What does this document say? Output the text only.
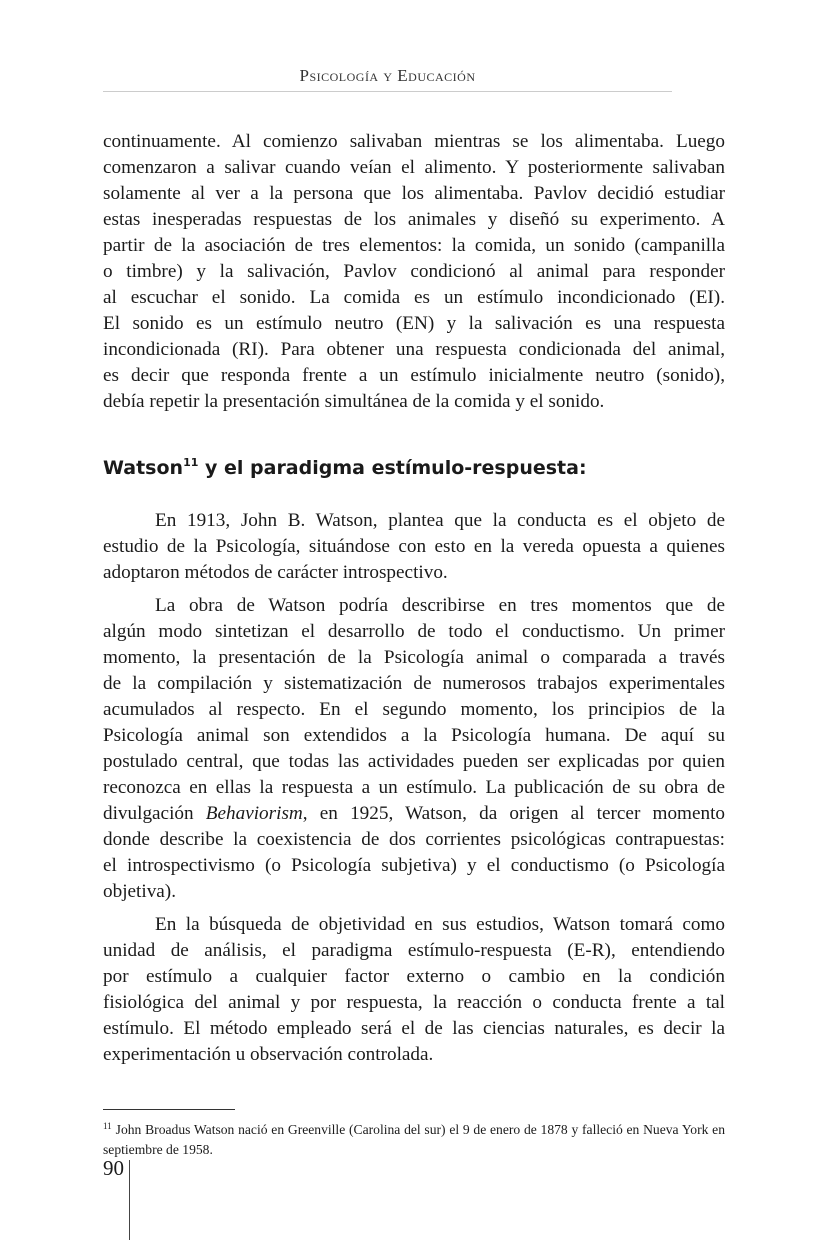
Psicología y Educación
continuamente. Al comienzo salivaban mientras se los alimentaba. Luego
comenzaron a salivar cuando veían el alimento. Y posteriormente salivaban
solamente al ver a la persona que los alimentaba. Pavlov decidió estudiar
estas inesperadas respuestas de los animales y diseñó su experimento. A
partir de la asociación de tres elementos: la comida, un sonido (campanilla
o timbre) y la salivación, Pavlov condicionó al animal para responder
al escuchar el sonido. La comida es un estímulo incondicionado (EI).
El sonido es un estímulo neutro (EN) y la salivación es una respuesta
incondicionada (RI). Para obtener una respuesta condicionada del animal,
es decir que responda frente a un estímulo inicialmente neutro (sonido),
debía repetir la presentación simultánea de la comida y el sonido.
Watson$^{11}$ y el paradigma estímulo-respuesta:
En 1913, John B. Watson, plantea que la conducta es el objeto de
estudio de la Psicología, situándose con esto en la vereda opuesta a quienes
adoptaron métodos de carácter introspectivo.
La obra de Watson podría describirse en tres momentos que de
algún modo sintetizan el desarrollo de todo el conductismo. Un primer
momento, la presentación de la Psicología animal o comparada a través
de la compilación y sistematización de numerosos trabajos experimentales
acumulados al respecto. En el segundo momento, los principios de la
Psicología animal son extendidos a la Psicología humana. De aquí su
postulado central, que todas las actividades pueden ser explicadas por quien
reconozca en ellas la respuesta a un estímulo. La publicación de su obra de
divulgación Behaviorism, en 1925, Watson, da origen al tercer momento
donde describe la coexistencia de dos corrientes psicológicas contrapuestas:
el introspectivismo (o Psicología subjetiva) y el conductismo (o Psicología
objetiva).
En la búsqueda de objetividad en sus estudios, Watson tomará como
unidad de análisis, el paradigma estímulo-respuesta (E-R), entendiendo
por estímulo a cualquier factor externo o cambio en la condición
fisiológica del animal y por respuesta, la reacción o conducta frente a tal
estímulo. El método empleado será el de las ciencias naturales, es decir la
experimentación u observación controlada.
$^{11}$ John Broadus Watson nació en Greenville (Carolina del sur) el 9 de enero de 1878 y falleció en Nueva York en septiembre de 1958.
90
